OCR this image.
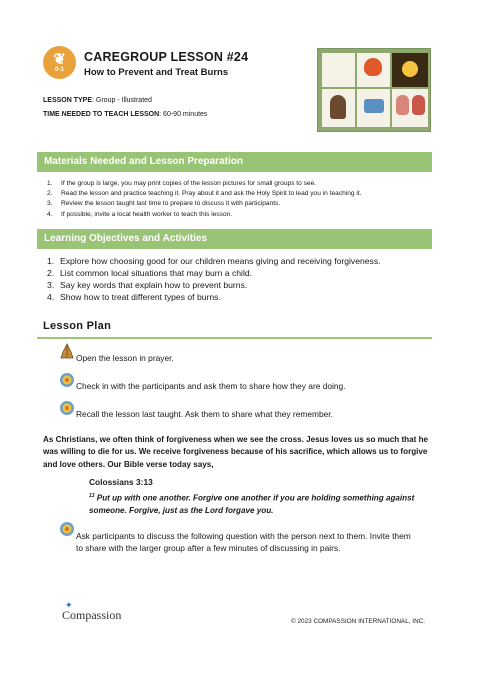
❦
0-1
CAREGROUP LESSON #24
How to Prevent and Treat Burns
LESSON TYPE: Group - Illustrated
TIME NEEDED TO TEACH LESSON: 60-90 minutes
Materials Needed and Lesson Preparation
1. If the group is large, you may print copies of the lesson pictures for small groups to see.
2. Read the lesson and practice teaching it. Pray about it and ask the Holy Spirit to lead you in teaching it.
3. Review the lesson taught last time to prepare to discuss it with participants.
4. If possible, invite a local health worker to teach this lesson.
Learning Objectives and Activities
1. Explore how choosing good for our children means giving and receiving forgiveness.
2. List common local situations that may burn a child.
3. Say key words that explain how to prevent burns.
4. Show how to treat different types of burns.
Lesson Plan
Open the lesson in prayer.
Check in with the participants and ask them to share how they are doing.
Recall the lesson last taught. Ask them to share what they remember.
As Christians, we often think of forgiveness when we see the cross. Jesus loves us so much that he was willing to die for us. We receive forgiveness because of his sacrifice, which allows us to forgive and love others. Our Bible verse today says,
Colossians 3:13
$^{13}$ Put up with one another. Forgive one another if you are holding something against someone. Forgive, just as the Lord forgave you.
Ask participants to discuss the following question with the person next to them. Invite them to share with the larger group after a few minutes of discussing in pairs.
✦
Compassion	© 2023 COMPASSION INTERNATIONAL, INC.
